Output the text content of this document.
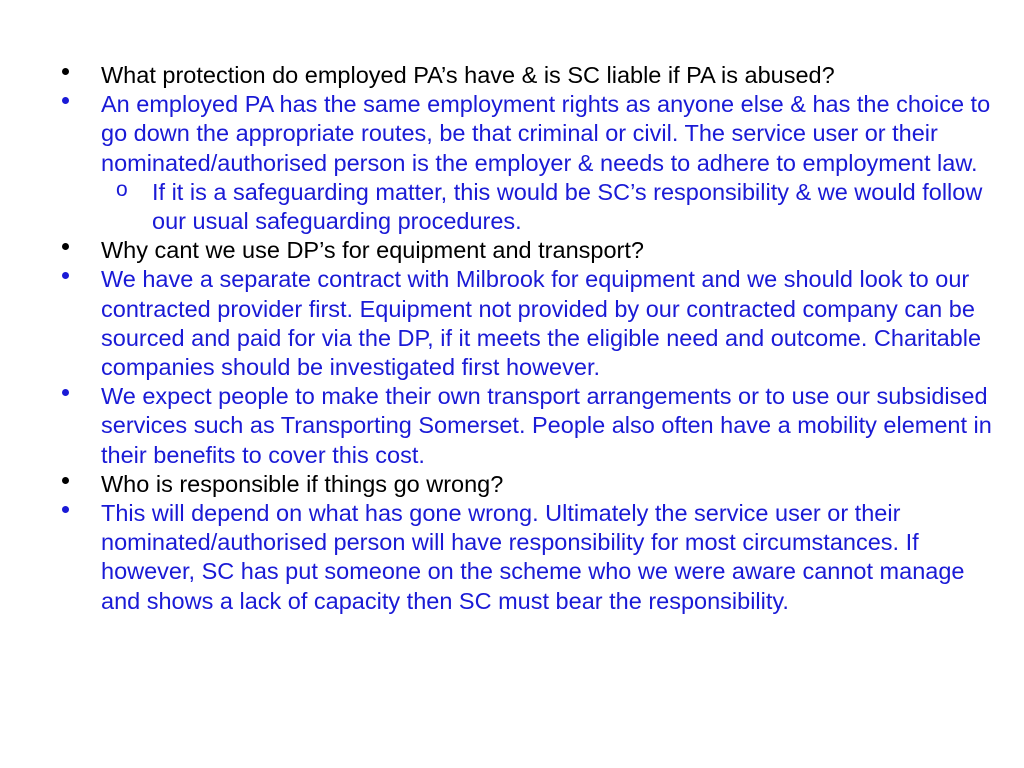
What protection do employed PA’s have & is SC liable if PA is abused?
An employed PA has the same employment rights as anyone else & has the choice to go down the appropriate routes, be that criminal or civil. The service user or their nominated/authorised person is the employer & needs to adhere to employment law.
o	If it is a safeguarding matter, this would be SC’s responsibility & we would follow our usual safeguarding procedures.
Why cant we use DP’s for equipment and transport?
We have a separate contract with Milbrook for equipment and we should look to our contracted provider first. Equipment not provided by our contracted company can be sourced and paid for via the DP, if it meets the eligible need and outcome. Charitable companies should be investigated first however.
We expect people to make their own transport arrangements or to use our subsidised services such as Transporting Somerset. People also often have a mobility element in their benefits to cover this cost.
Who is responsible if things go wrong?
This will depend on what has gone wrong. Ultimately the service user or their nominated/authorised person will have responsibility for most circumstances. If however, SC has put someone on the scheme who we were aware cannot manage and shows a lack of capacity then SC must bear the responsibility.
